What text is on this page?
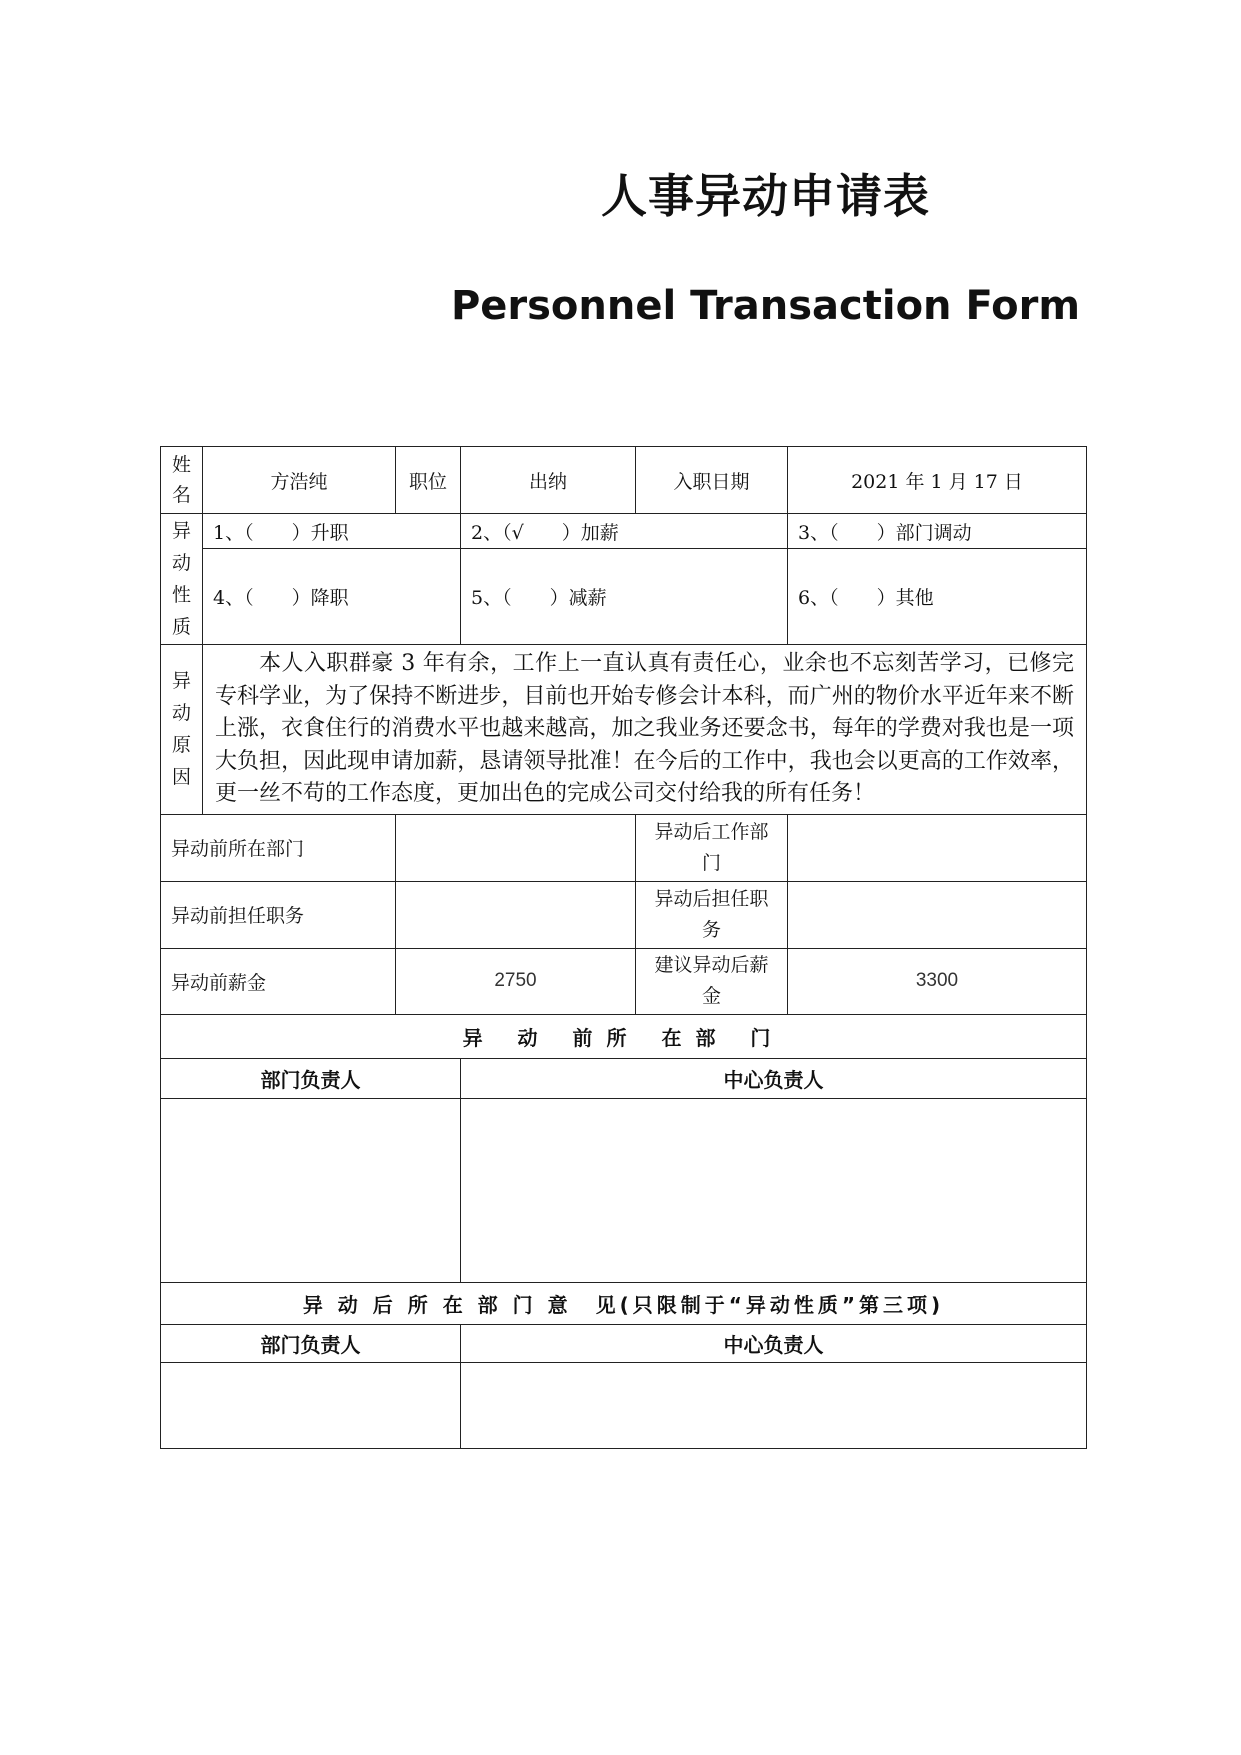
人事异动申请表
Personnel Transaction Form
姓名	方浩纯	职位	出纳	入职日期	2021 年 1 月 17 日
异动性质	1、（　　）升职		2、（√　　）加薪		3、（　　）部门调动
	4、（　　）降职		5、（　　）减薪		6、（　　）其他
异动原因	本人入职群豪 3 年有余，工作上一直认真有责任心，业余也不忘刻苦学习，已修完专科学业，为了保持不断进步，目前也开始专修会计本科，而广州的物价水平近年来不断上涨，衣食住行的消费水平也越来越高，加之我业务还要念书，每年的学费对我也是一项大负担，因此现申请加薪，恳请领导批准！在今后的工作中，我也会以更高的工作效率，更一丝不苟的工作态度，更加出色的完成公司交付给我的所有任务！				
异动前所在部门				异动后工作部门	
异动前担任职务				异动后担任职务	
异动前薪金		2750		建议异动后薪金	3300
异 动 前所 在部 门					
部门负责人			中心负责人		

异 动 后 所 在 部 门 意　见(只限制于“异动性质”第三项)					
部门负责人			中心负责人		
